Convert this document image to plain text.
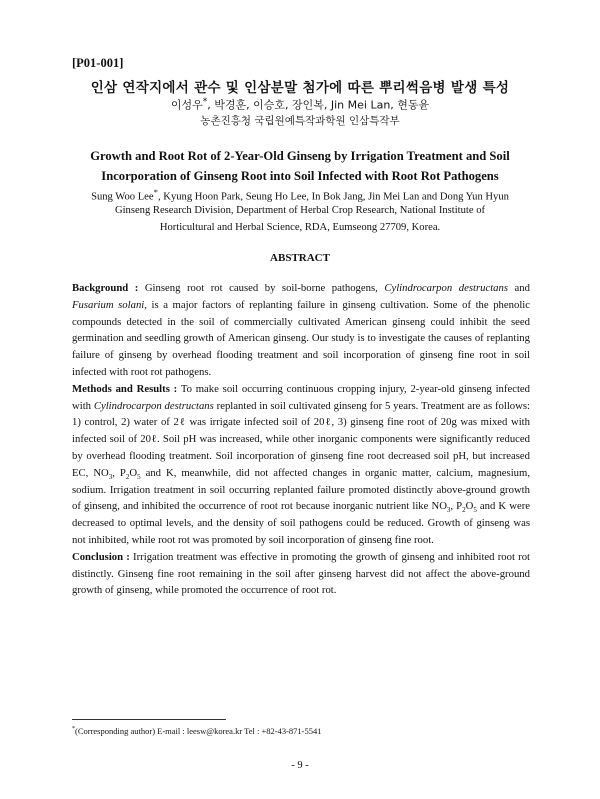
[P01-001]
인삼 연작지에서 관수 및 인삼분말 첨가에 따른 뿌리썩음병 발생 특성
이성우*, 박경훈, 이승호, 장인복, Jin Mei Lan, 현동윤
농촌진흥청 국립원예특작과학원 인삼특작부
Growth and Root Rot of 2-Year-Old Ginseng by Irrigation Treatment and Soil
Incorporation of Ginseng Root into Soil Infected with Root Rot Pathogens
Sung Woo Lee*, Kyung Hoon Park, Seung Ho Lee, In Bok Jang, Jin Mei Lan and Dong Yun Hyun
Ginseng Research Division, Department of Herbal Crop Research, National Institute of
Horticultural and Herbal Science, RDA, Eumseong 27709, Korea.
ABSTRACT

Background : Ginseng root rot caused by soil-borne pathogens, Cylindrocarpon destructans and Fusarium solani, is a major factors of replanting failure in ginseng cultivation. Some of the phenolic compounds detected in the soil of commercially cultivated American ginseng could inhibit the seed germination and seedling growth of American ginseng. Our study is to investigate the causes of replanting failure of ginseng by overhead flooding treatment and soil incorporation of ginseng fine root in soil infected with root rot pathogens.

Methods and Results : To make soil occurring continuous cropping injury, 2-year-old ginseng infected with Cylindrocarpon destructans replanted in soil cultivated ginseng for 5 years. Treatment are as follows: 1) control, 2) water of 2ℓ was irrigate infected soil of 20ℓ, 3) ginseng fine root of 20g was mixed with infected soil of 20ℓ. Soil pH was increased, while other inorganic components were significantly reduced by overhead flooding treatment. Soil incorporation of ginseng fine root decreased soil pH, but increased EC, $NO_3$, $P_2O_5$ and K, meanwhile, did not affected changes in organic matter, calcium, magnesium, sodium. Irrigation treatment in soil occurring replanted failure promoted distinctly above-ground growth of ginseng, and inhibited the occurrence of root rot because inorganic nutrient like $NO_3$, $P_2O_5$ and K were decreased to optimal levels, and the density of soil pathogens could be reduced. Growth of ginseng was not inhibited, while root rot was promoted by soil incorporation of ginseng fine root.

Conclusion : Irrigation treatment was effective in promoting the growth of ginseng and inhibited root rot distinctly. Ginseng fine root remaining in the soil after ginseng harvest did not affect the above-ground growth of ginseng, while promoted the occurrence of root rot.

*(Corresponding author) E-mail : leesw@korea.kr Tel : +82-43-871-5541
- 9 -
